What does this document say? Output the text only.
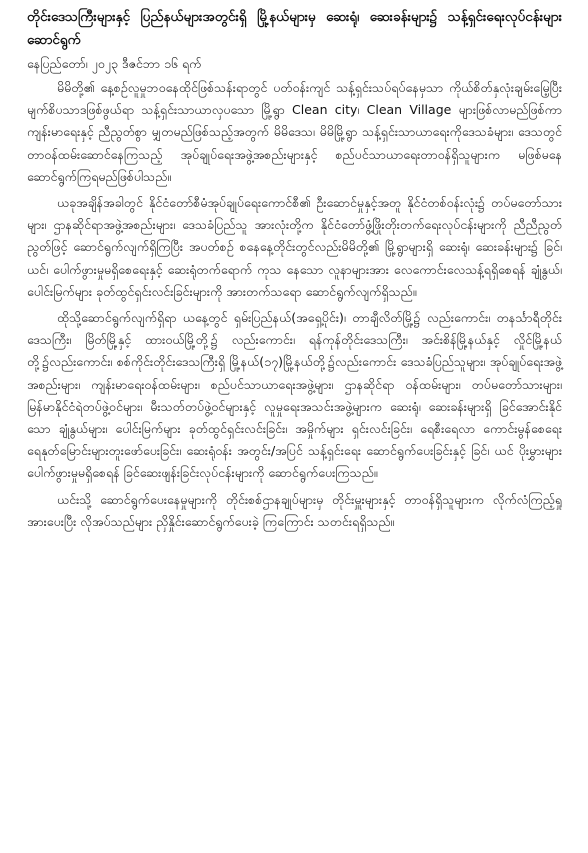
တိုင်းဒေသကြီးများနှင့် ပြည်နယ်များအတွင်းရှိ မြို့နယ်များမှ ဆေးရုံ၊ ဆေးခန်းများ၌ သန့်ရှင်းရေးလုပ်ငန်းများ ဆောင်ရွက်
နေပြည်တော်၊ ၂၀၂၃ ဒီဇင်ဘာ ၁၆ ရက်

မိမိတို့၏ နေ့စဉ်လူမှုဘဝနေထိုင်ဖြစ်သန်းရာတွင် ပတ်ဝန်းကျင် သန့်ရှင်းသပ်ရပ်နေမှသာ ကိုယ်စိတ်နှလုံးချမ်းမြေ့ပြီးမျက်စိပသာဒဖြစ်ဖွယ်ရာ သန့်ရှင်းသာယာလှပသော မြို့ရွာ Clean city၊ Clean Village များဖြစ်လာမည်ဖြစ်ကာ ကျန်းမာရေးနှင့် ညီညွတ်စွာ မျှတမည်ဖြစ်သည့်အတွက် မိမိဒေသ၊ မိမိမြို့ရွာ သန့်ရှင်းသာယာရေးကိုဒေသခံများ၊ ဒေသတွင် တာဝန်ထမ်းဆောင်နေကြသည့် အုပ်ချုပ်ရေးအဖွဲ့အစည်းများနှင့် စည်ပင်သာယာရေးတာဝန်ရှိသူများက မဖြစ်မနေဆောင်ရွက်ကြရမည်ဖြစ်ပါသည်။

ယခုအချိန်အခါတွင် နိုင်ငံတော်စီမံအုပ်ချုပ်ရေးကောင်စီ၏ ဦးဆောင်မှုနှင့်အတူ နိုင်ငံတစ်ဝန်းလုံး၌ တပ်မတော်သားများ၊ ဌာနဆိုင်ရာအဖွဲ့အစည်းများ၊ ဒေသခံပြည်သူ အားလုံးတို့က နိုင်ငံတော်ဖွံ့ဖြိုးတိုးတက်ရေးလုပ်ငန်းများကို ညီညီညွတ်ညွတ်ဖြင့် ဆောင်ရွက်လျက်ရှိကြပြီး အပတ်စဉ် စနေနေ့တိုင်းတွင်လည်းမိမိတို့၏ မြို့ရွာများရှိ ဆေးရုံ၊ ဆေးခန်းများ၌ ခြင်၊ ယင်၊ ပေါက်ဖွားမှုမရှိစေရေးနှင့် ဆေးရုံတက်ရောက် ကုသ နေသော လူနာများအား လေကောင်းလေသန့်ရရှိစေရန် ချုံနွယ်၊ ပေါင်းမြက်များ ခုတ်ထွင်ရှင်းလင်းခြင်းများကို အားတက်သရော ဆောင်ရွက်လျက်ရှိသည်။

ထိုသို့ဆောင်ရွက်လျက်ရှိရာ ယနေ့တွင် ရှမ်းပြည်နယ်(အရှေ့ပိုင်း)၊ တာချီလိတ်မြို့၌ လည်းကောင်း၊ တနင်္သာရီတိုင်းဒေသကြီး၊ မြိတ်မြို့နှင့် ထားဝယ်မြို့တို့၌ လည်းကောင်း၊ ရန်ကုန်တိုင်းဒေသကြီး၊ အင်းစိန်မြို့နယ်နှင့် လှိုင်မြို့နယ်တို့၌လည်းကောင်း၊ စစ်ကိုင်းတိုင်းဒေသကြီးရှိ မြို့နယ်(၁၇)မြို့နယ်တို့၌လည်းကောင်း ဒေသခံပြည်သူများ၊ အုပ်ချုပ်ရေးအဖွဲ့အစည်းများ၊ ကျန်းမာရေးဝန်ထမ်းများ၊ စည်ပင်သာယာရေးအဖွဲ့များ၊ ဌာနဆိုင်ရာ ဝန်ထမ်းများ၊ တပ်မတော်သားများ၊ မြန်မာနိုင်ငံရဲတပ်ဖွဲ့ဝင်များ၊ မီးသတ်တပ်ဖွဲ့ဝင်များနှင့် လူမှုရေးအသင်းအဖွဲ့များက ဆေးရုံ၊ ဆေးခန်းများရှိ ခြင်အောင်းနိုင်သော ချုံနွယ်များ၊ ပေါင်းမြက်များ ခုတ်ထွင်ရှင်းလင်းခြင်း၊ အမှိုက်များ ရှင်းလင်းခြင်း၊ ရေစီးရေလာ ကောင်းမွန်စေရေး ရေနုတ်မြောင်းများတူးဖော်ပေးခြင်း၊ ဆေးရုံဝန်း အတွင်း/အပြင် သန့်ရှင်းရေး ဆောင်ရွက်ပေးခြင်းနှင့် ခြင်၊ ယင် ပိုးမွှားများ ပေါက်ဖွားမှုမရှိစေရန် ခြင်ဆေးဖျန်းခြင်းလုပ်ငန်းများကို ဆောင်ရွက်ပေးကြသည်။

ယင်းသို့ ဆောင်ရွက်ပေးနေမှုများကို တိုင်းစစ်ဌာနချုပ်များမှ တိုင်းမှူးများနှင့် တာဝန်ရှိသူများက လိုက်လံကြည့်ရှုအားပေးပြီး လိုအပ်သည်များ ညှိနှိုင်းဆောင်ရွက်ပေးခဲ့ ကြကြောင်း သတင်းရရှိသည်။
